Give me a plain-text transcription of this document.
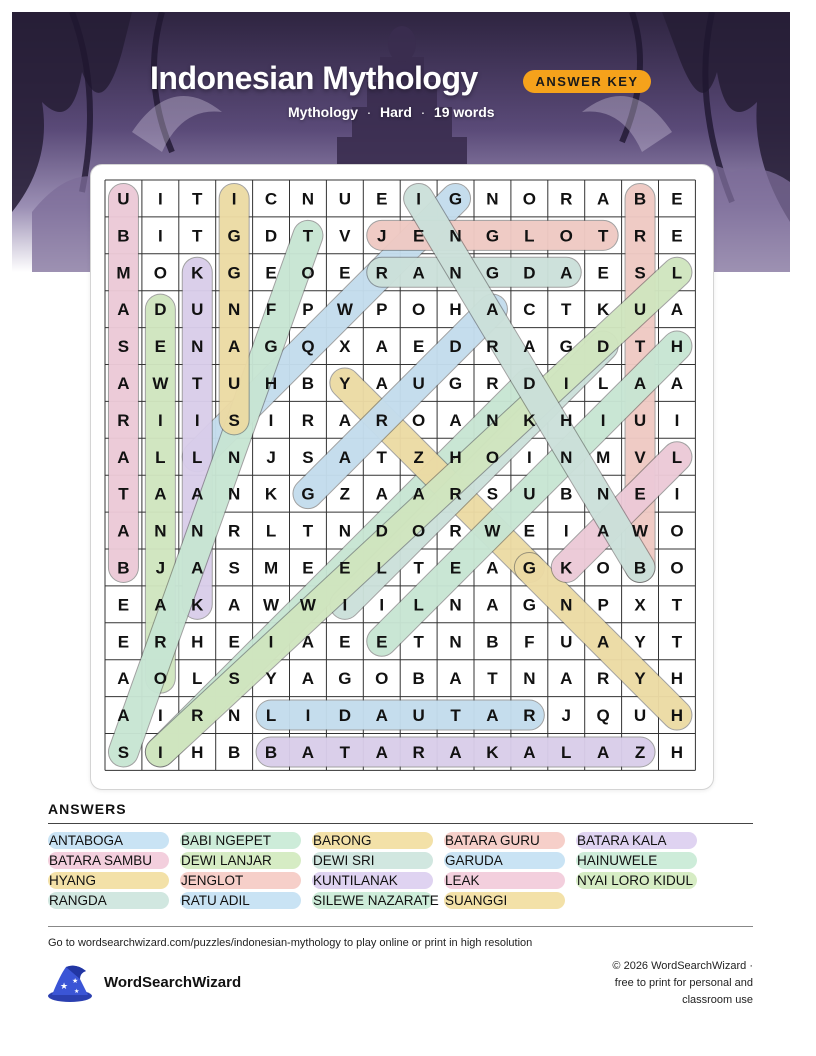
Indonesian Mythology	ANSWER KEY
Mythology · Hard · 19 words
U I T I C N U E I G N O R A B E
B I T G D T V J E N G L O T R E
M O K G E O E R A N G D A E S L
A D U N F P W P O H A C T K U A
S E N A G Q X A E D R A G D T H
A W T U H B Y A U G R D I L A A
R I I S I R A R O A N K H I U I
A L L N J S A T Z H O I N M V L
T A A N K G Z A A R S U B N E I
A N N R L T N D O R W E I A W O
B J A S M E E L T E A G K O B O
E A K A W W I I L N A G N P X T
E R H E I A E E T N B F U A Y T
A O L S Y A G O B A T N A R Y H
A I R N L I D A U T A R J Q U H
S I H B B A T A R A K A L A Z H
ANSWERS
ANTABOGA	BABI NGEPET	BARONG	BATARA GURU	BATARA KALA
BATARA SAMBU	DEWI LANJAR	DEWI SRI	GARUDA	HAINUWELE
HYANG	JENGLOT	KUNTILANAK	LEAK	NYAI LORO KIDUL
RANGDA	RATU ADIL	SILEWE NAZARATE SUANGGI
Go to wordsearchwizard.com/puzzles/indonesian-mythology to play online or print in high resolution
★ ★
★
WordSearchWizard
© 2026 WordSearchWizard ·
free to print for personal and
classroom use
